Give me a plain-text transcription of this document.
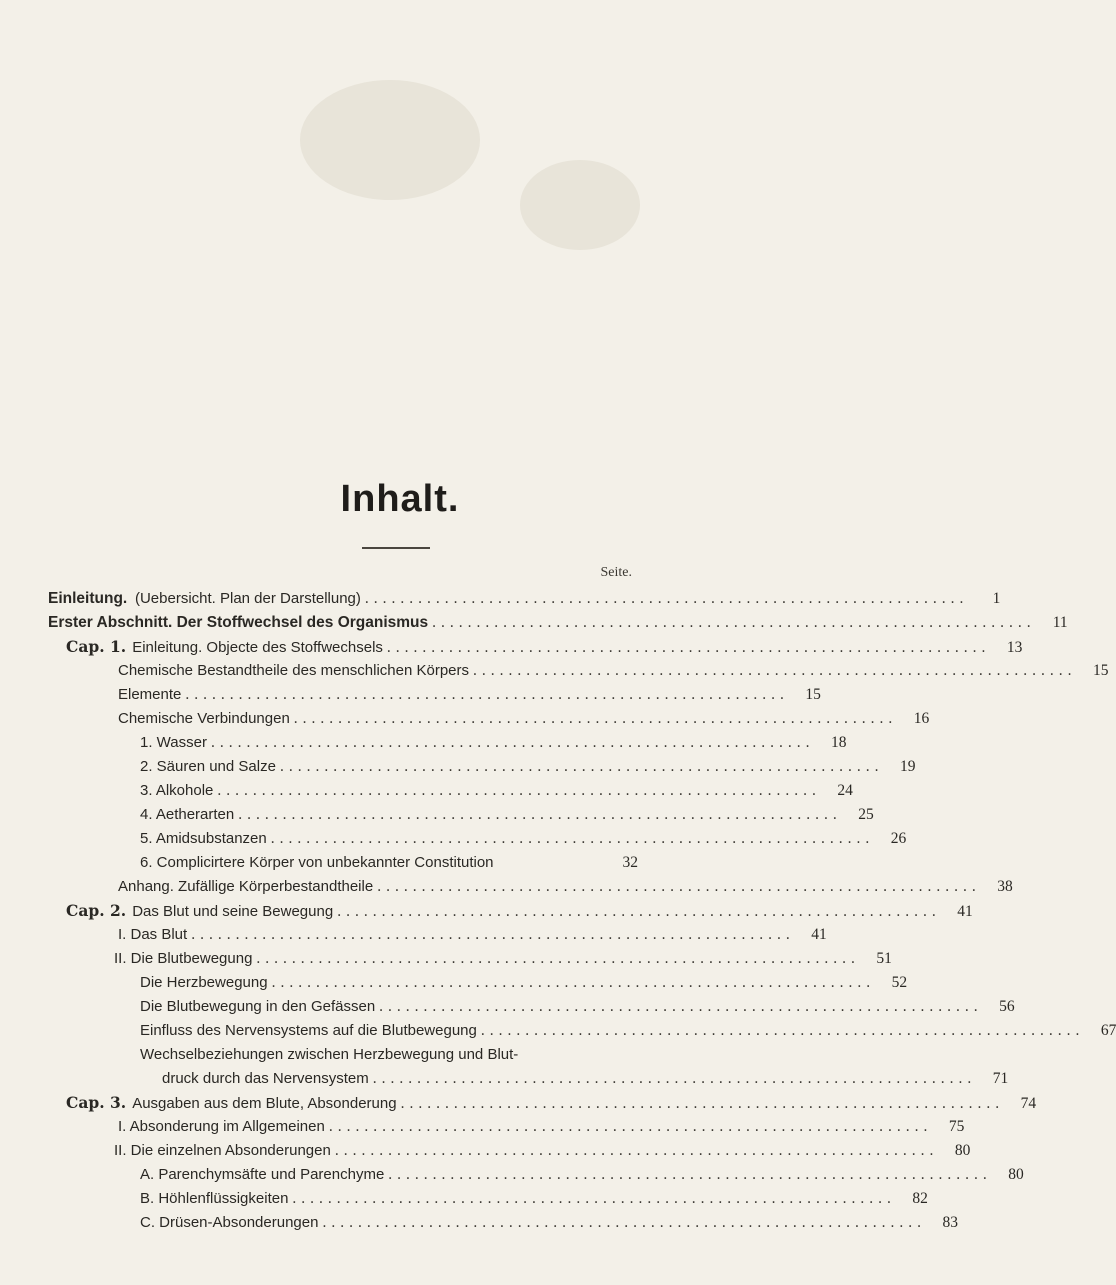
Inhalt.
Seite.
Einleitung. (Uebersicht. Plan der Darstellung) ....................................................................	1
Erster Abschnitt. Der Stoffwechsel des Organismus ....................................................................	11
Cap. 1. Einleitung. Objecte des Stoffwechsels ....................................................................	13
Chemische Bestandtheile des menschlichen Körpers ....................................................................	15
Elemente ....................................................................	15
Chemische Verbindungen ....................................................................	16
1. Wasser ....................................................................	18
2. Säuren und Salze ....................................................................	19
3. Alkohole ....................................................................	24
4. Aetherarten ....................................................................	25
5. Amidsubstanzen ....................................................................	26
6. Complicirtere Körper von unbekannter Constitution	32
Anhang. Zufällige Körperbestandtheile ....................................................................	38
Cap. 2. Das Blut und seine Bewegung ....................................................................	41
I. Das Blut ....................................................................	41
II. Die Blutbewegung ....................................................................	51
Die Herzbewegung ....................................................................	52
Die Blutbewegung in den Gefässen ....................................................................	56
Einfluss des Nervensystems auf die Blutbewegung ....................................................................	67
Wechselbeziehungen zwischen Herzbewegung und Blut-
druck durch das Nervensystem ....................................................................	71
Cap. 3. Ausgaben aus dem Blute, Absonderung ....................................................................	74
I. Absonderung im Allgemeinen ....................................................................	75
II. Die einzelnen Absonderungen ....................................................................	80
A. Parenchymsäfte und Parenchyme ....................................................................	80
B. Höhlenflüssigkeiten ....................................................................	82
C. Drüsen-Absonderungen ....................................................................	83
